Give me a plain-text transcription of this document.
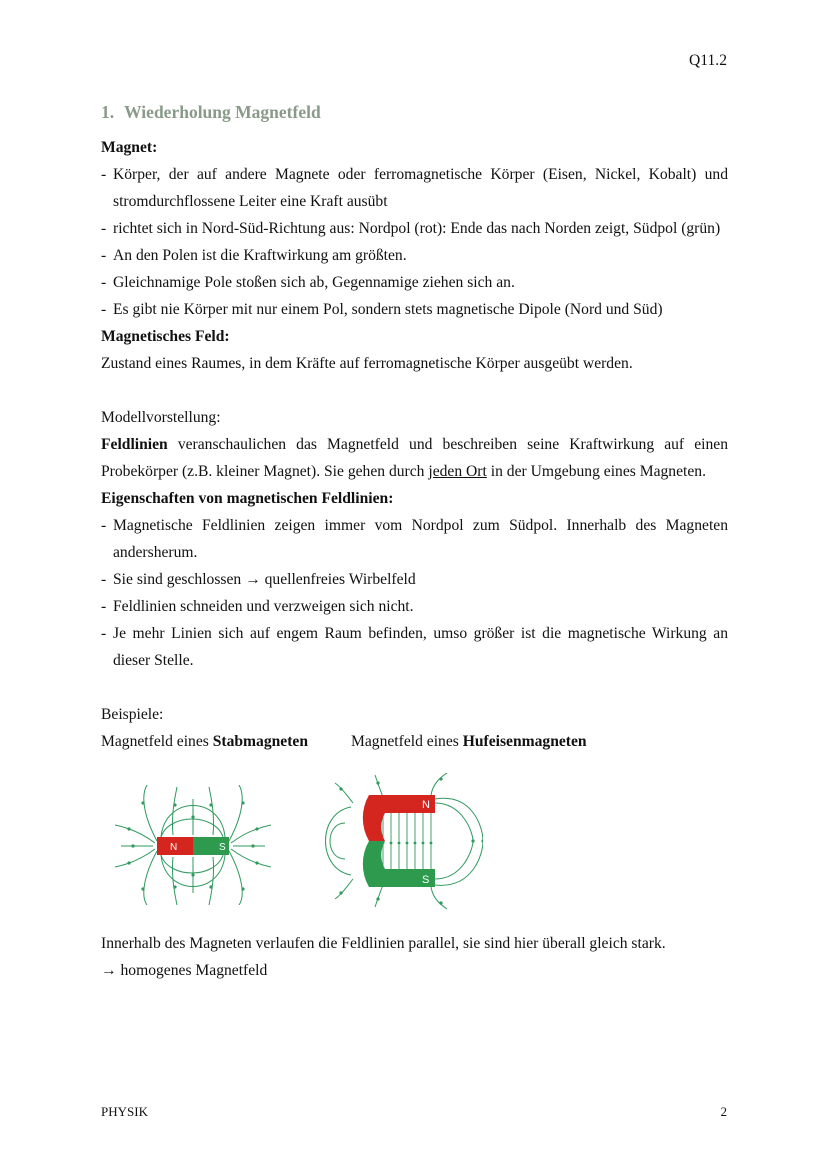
Q11.2
1. Wiederholung Magnetfeld
Magnet:
- Körper, der auf andere Magnete oder ferromagnetische Körper (Eisen, Nickel, Kobalt) und stromdurchflossene Leiter eine Kraft ausübt
- richtet sich in Nord-Süd-Richtung aus: Nordpol (rot): Ende das nach Norden zeigt, Südpol (grün)
- An den Polen ist die Kraftwirkung am größten.
- Gleichnamige Pole stoßen sich ab, Gegennamige ziehen sich an.
- Es gibt nie Körper mit nur einem Pol, sondern stets magnetische Dipole (Nord und Süd)
Magnetisches Feld:
Zustand eines Raumes, in dem Kräfte auf ferromagnetische Körper ausgeübt werden.
Modellvorstellung:
Feldlinien veranschaulichen das Magnetfeld und beschreiben seine Kraftwirkung auf einen Probekörper (z.B. kleiner Magnet). Sie gehen durch jeden Ort in der Umgebung eines Magneten.
Eigenschaften von magnetischen Feldlinien:
- Magnetische Feldlinien zeigen immer vom Nordpol zum Südpol. Innerhalb des Magneten andersherum.
- Sie sind geschlossen → quellenfreies Wirbelfeld
- Feldlinien schneiden und verzweigen sich nicht.
- Je mehr Linien sich auf engem Raum befinden, umso größer ist die magnetische Wirkung an dieser Stelle.
Beispiele:
Magnetfeld eines Stabmagneten	Magnetfeld eines Hufeisenmagneten
N	S
N
S
Innerhalb des Magneten verlaufen die Feldlinien parallel, sie sind hier überall gleich stark.
→ homogenes Magnetfeld
PHYSIK	2
